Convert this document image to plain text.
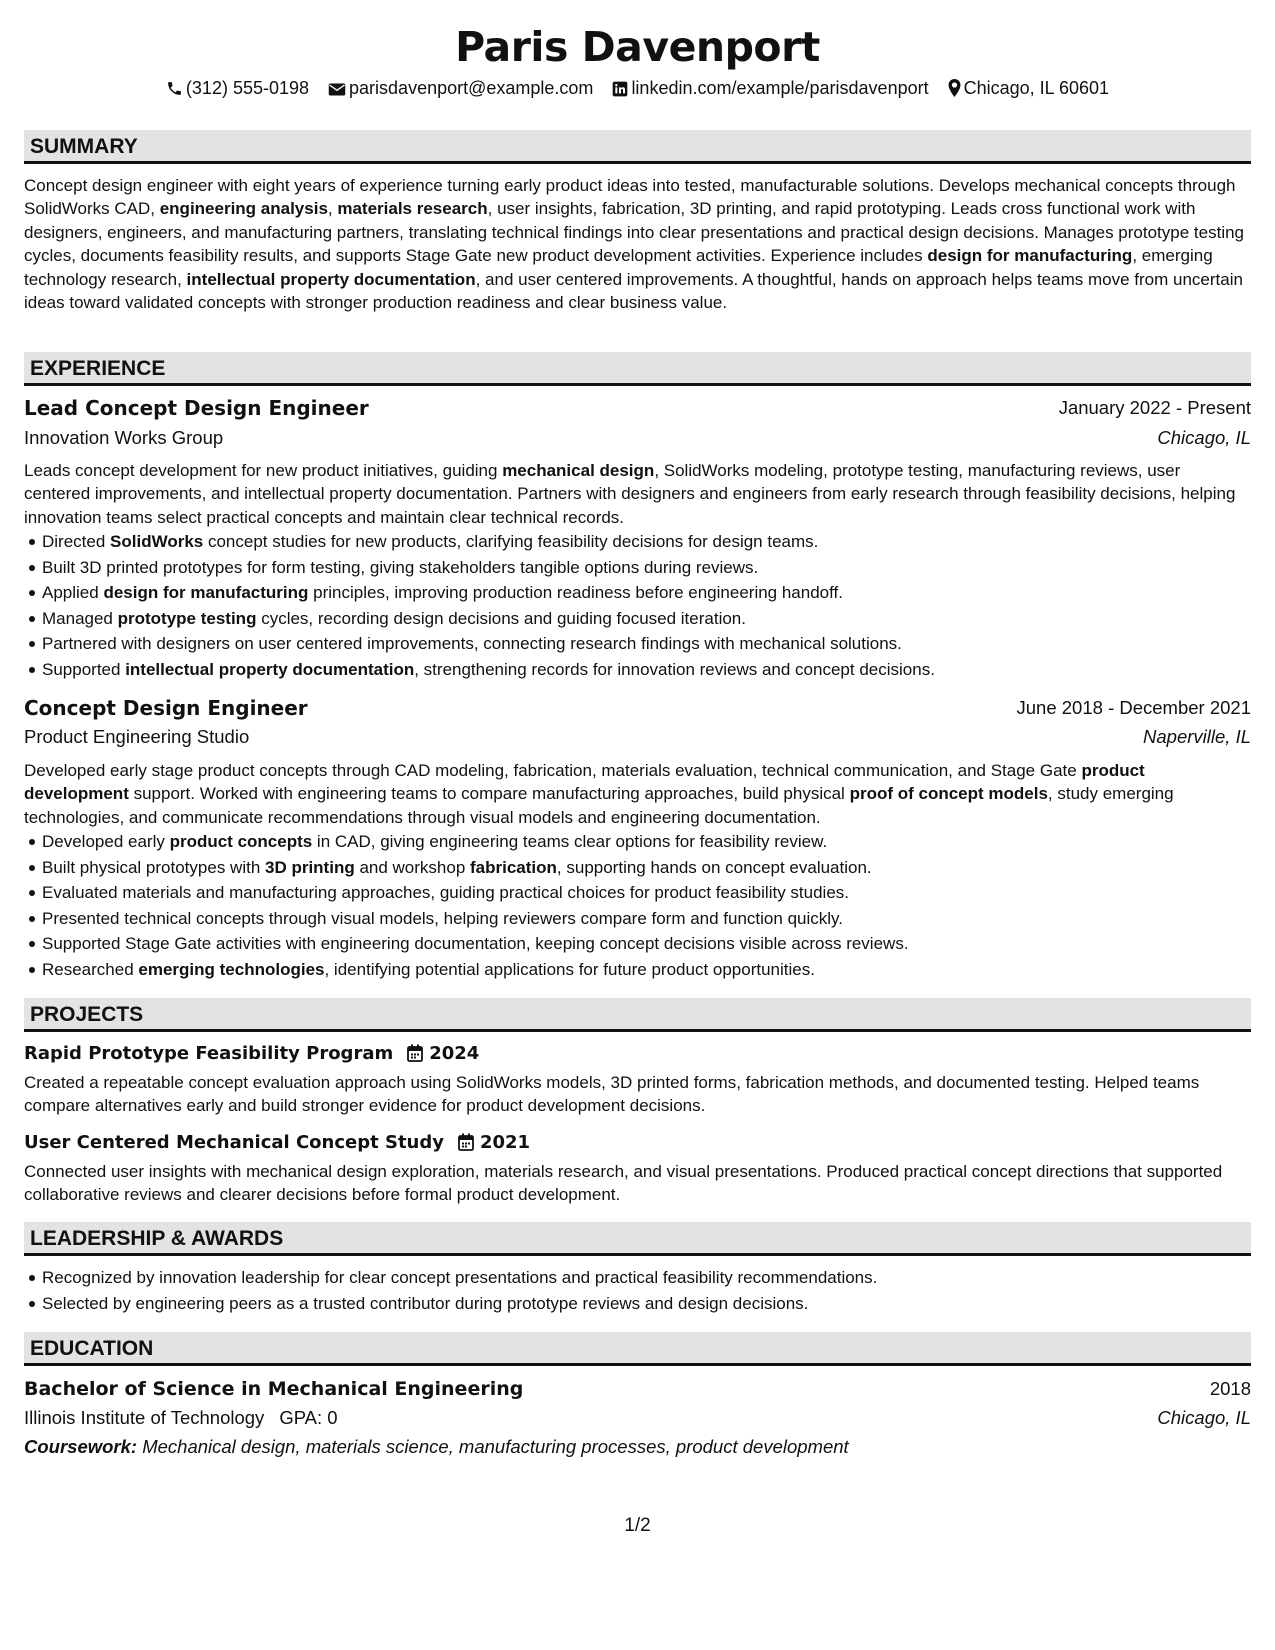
Paris Davenport
(312) 555-0198 parisdavenport@example.com linkedin.com/example/parisdavenport Chicago, IL 60601
SUMMARY
Concept design engineer with eight years of experience turning early product ideas into tested, manufacturable solutions. Develops mechanical concepts through SolidWorks CAD, engineering analysis, materials research, user insights, fabrication, 3D printing, and rapid prototyping. Leads cross functional work with designers, engineers, and manufacturing partners, translating technical findings into clear presentations and practical design decisions. Manages prototype testing cycles, documents feasibility results, and supports Stage Gate new product development activities. Experience includes design for manufacturing, emerging technology research, intellectual property documentation, and user centered improvements. A thoughtful, hands on approach helps teams move from uncertain ideas toward validated concepts with stronger production readiness and clear business value.
EXPERIENCE
Lead Concept Design Engineer	January 2022 - Present
Innovation Works Group	Chicago, IL
Leads concept development for new product initiatives, guiding mechanical design, SolidWorks modeling, prototype testing, manufacturing reviews, user centered improvements, and intellectual property documentation. Partners with designers and engineers from early research through feasibility decisions, helping innovation teams select practical concepts and maintain clear technical records.
Directed SolidWorks concept studies for new products, clarifying feasibility decisions for design teams.
Built 3D printed prototypes for form testing, giving stakeholders tangible options during reviews.
Applied design for manufacturing principles, improving production readiness before engineering handoff.
Managed prototype testing cycles, recording design decisions and guiding focused iteration.
Partnered with designers on user centered improvements, connecting research findings with mechanical solutions.
Supported intellectual property documentation, strengthening records for innovation reviews and concept decisions.
Concept Design Engineer	June 2018 - December 2021
Product Engineering Studio	Naperville, IL
Developed early stage product concepts through CAD modeling, fabrication, materials evaluation, technical communication, and Stage Gate product development support. Worked with engineering teams to compare manufacturing approaches, build physical proof of concept models, study emerging technologies, and communicate recommendations through visual models and engineering documentation.
Developed early product concepts in CAD, giving engineering teams clear options for feasibility review.
Built physical prototypes with 3D printing and workshop fabrication, supporting hands on concept evaluation.
Evaluated materials and manufacturing approaches, guiding practical choices for product feasibility studies.
Presented technical concepts through visual models, helping reviewers compare form and function quickly.
Supported Stage Gate activities with engineering documentation, keeping concept decisions visible across reviews.
Researched emerging technologies, identifying potential applications for future product opportunities.
PROJECTS
Rapid Prototype Feasibility Program 2024
Created a repeatable concept evaluation approach using SolidWorks models, 3D printed forms, fabrication methods, and documented testing. Helped teams compare alternatives early and build stronger evidence for product development decisions.
User Centered Mechanical Concept Study 2021
Connected user insights with mechanical design exploration, materials research, and visual presentations. Produced practical concept directions that supported collaborative reviews and clearer decisions before formal product development.
LEADERSHIP & AWARDS
Recognized by innovation leadership for clear concept presentations and practical feasibility recommendations.
Selected by engineering peers as a trusted contributor during prototype reviews and design decisions.
EDUCATION
Bachelor of Science in Mechanical Engineering	2018
Illinois Institute of Technology GPA: 0	Chicago, IL
Coursework: Mechanical design, materials science, manufacturing processes, product development
1/2
